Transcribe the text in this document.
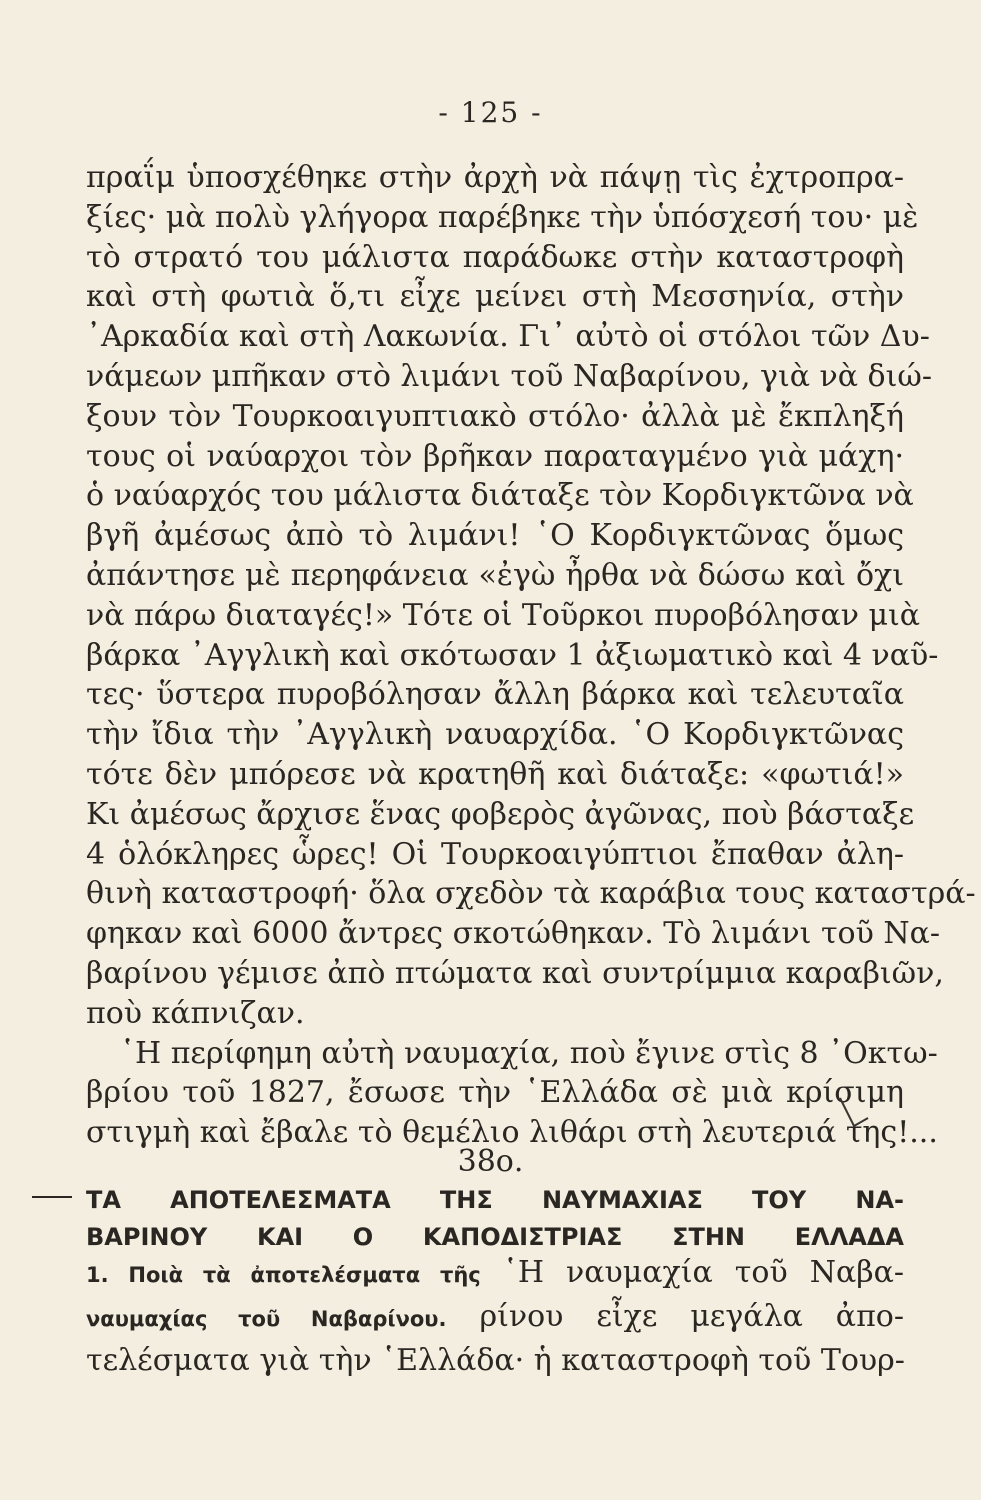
- 125 -
πραΐμ ὑποσχέθηκε στὴν ἀρχὴ νὰ πάψῃ τὶς ἐχτροπρα-
ξίες· μὰ πολὺ γλήγορα παρέβηκε τὴν ὑπόσχεσή του· μὲ
τὸ στρατό του μάλιστα παράδωκε στὴν καταστροφὴ
καὶ στὴ φωτιὰ ὅ,τι εἶχε μείνει στὴ Μεσσηνία, στὴν
᾿Αρκαδία καὶ στὴ Λακωνία. Γι᾿ αὐτὸ οἱ στόλοι τῶν Δυ-
νάμεων μπῆκαν στὸ λιμάνι τοῦ Ναβαρίνου, γιὰ νὰ διώ-
ξουν τὸν Τουρκοαιγυπτιακὸ στόλο· ἀλλὰ μὲ ἔκπληξή
τους οἱ ναύαρχοι τὸν βρῆκαν παραταγμένο γιὰ μάχη·
ὁ ναύαρχός του μάλιστα διάταξε τὸν Κορδιγκτῶνα νὰ
βγῆ ἀμέσως ἀπὸ τὸ λιμάνι! ῾Ο Κορδιγκτῶνας ὅμως
ἀπάντησε μὲ περηφάνεια «ἐγὼ ἦρθα νὰ δώσω καὶ ὄχι
νὰ πάρω διαταγές!» Τότε οἱ Τοῦρκοι πυροβόλησαν μιὰ
βάρκα ᾿Αγγλικὴ καὶ σκότωσαν 1 ἀξιωματικὸ καὶ 4 ναῦ-
τες· ὕστερα πυροβόλησαν ἄλλη βάρκα καὶ τελευταῖα
τὴν ἴδια τὴν ᾿Αγγλικὴ ναυαρχίδα. ῾Ο Κορδιγκτῶνας
τότε δὲν μπόρεσε νὰ κρατηθῆ καὶ διάταξε: «φωτιά!»
Κι ἀμέσως ἄρχισε ἕνας φοβερὸς ἀγῶνας, ποὺ βάσταξε
4 ὁλόκληρες ὧρες! Οἱ Τουρκοαιγύπτιοι ἔπαθαν ἀλη-
θινὴ καταστροφή· ὅλα σχεδὸν τὰ καράβια τους καταστρά-
φηκαν καὶ 6000 ἄντρες σκοτώθηκαν. Τὸ λιμάνι τοῦ Να-
βαρίνου γέμισε ἀπὸ πτώματα καὶ συντρίμμια καραβιῶν,
ποὺ κάπνιζαν.
῾Η περίφημη αὐτὴ ναυμαχία, ποὺ ἔγινε στὶς 8 ᾿Οκτω-
βρίου τοῦ 1827, ἔσωσε τὴν ῾Ελλάδα σὲ μιὰ κρίσιμη
στιγμὴ καὶ ἔβαλε τὸ θεμέλιο λιθάρι στὴ λευτεριά της!...
38ο.
ΤΑ ΑΠΟΤΕΛΕΣΜΑΤΑ ΤΗΣ ΝΑΥΜΑΧΙΑΣ ΤΟΥ ΝΑ-
ΒΑΡΙΝΟΥ ΚΑΙ Ο ΚΑΠΟΔΙΣΤΡΙΑΣ ΣΤΗΝ ΕΛΛΑΔΑ
1. Ποιὰ τὰ ἀποτελέσματα τῆς ῾Η ναυμαχία τοῦ Ναβα-
ναυμαχίας τοῦ Ναβαρίνου. ρίνου εἶχε μεγάλα ἀπο-
τελέσματα γιὰ τὴν ῾Ελλάδα· ἡ καταστροφὴ τοῦ Τουρ-
